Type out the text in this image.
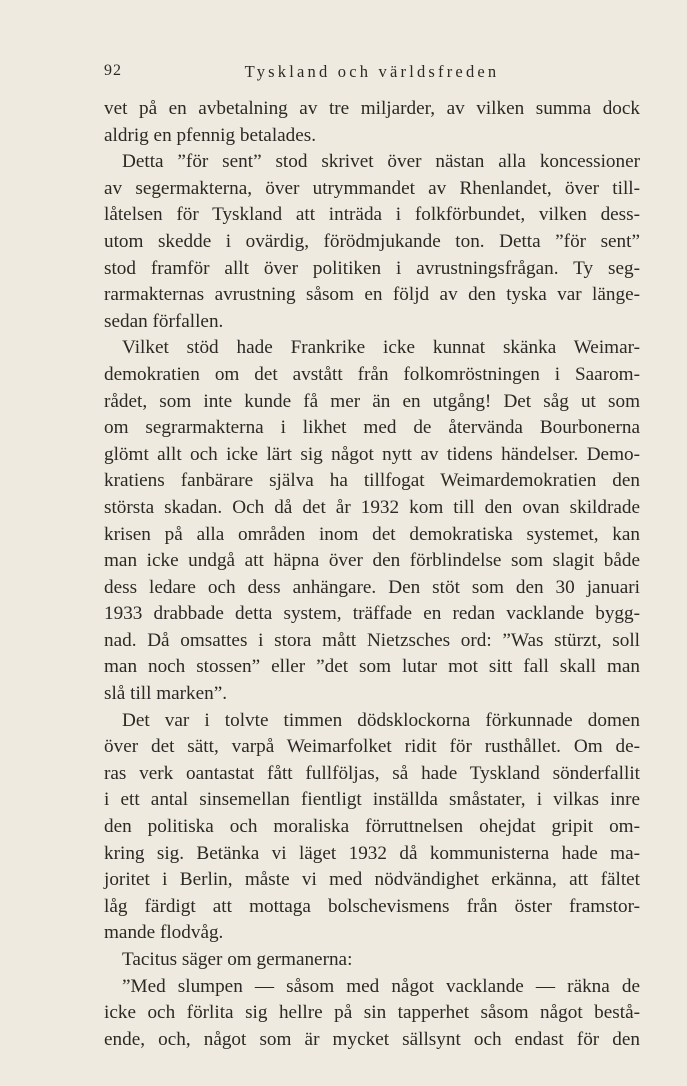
92	Tyskland och världsfreden

vet på en avbetalning av tre miljarder, av vilken summa dock
aldrig en pfennig betalades.

Detta ”för sent” stod skrivet över nästan alla koncessioner
av segermakterna, över utrymmandet av Rhenlandet, över till-
låtelsen för Tyskland att inträda i folkförbundet, vilken dess-
utom skedde i ovärdig, förödmjukande ton. Detta ”för sent”
stod framför allt över politiken i avrustningsfrågan. Ty seg-
rarmakternas avrustning såsom en följd av den tyska var länge-
sedan förfallen.

Vilket stöd hade Frankrike icke kunnat skänka Weimar-
demokratien om det avstått från folkomröstningen i Saarom-
rådet, som inte kunde få mer än en utgång! Det såg ut som
om segrarmakterna i likhet med de återvända Bourbonerna
glömt allt och icke lärt sig något nytt av tidens händelser. Demo-
kratiens fanbärare själva ha tillfogat Weimardemokratien den
största skadan. Och då det år 1932 kom till den ovan skildrade
krisen på alla områden inom det demokratiska systemet, kan
man icke undgå att häpna över den förblindelse som slagit både
dess ledare och dess anhängare. Den stöt som den 30 januari
1933 drabbade detta system, träffade en redan vacklande bygg-
nad. Då omsattes i stora mått Nietzsches ord: ”Was stürzt, soll
man noch stossen” eller ”det som lutar mot sitt fall skall man
slå till marken”.

Det var i tolvte timmen dödsklockorna förkunnade domen
över det sätt, varpå Weimarfolket ridit för rusthållet. Om de-
ras verk oantastat fått fullföljas, så hade Tyskland sönderfallit
i ett antal sinsemellan fientligt inställda småstater, i vilkas inre
den politiska och moraliska förruttnelsen ohejdat gripit om-
kring sig. Betänka vi läget 1932 då kommunisterna hade ma-
joritet i Berlin, måste vi med nödvändighet erkänna, att fältet
låg färdigt att mottaga bolschevismens från öster framstor-
mande flodvåg.

Tacitus säger om germanerna:

”Med slumpen — såsom med något vacklande — räkna de
icke och förlita sig hellre på sin tapperhet såsom något bestå-
ende, och, något som är mycket sällsynt och endast för den
